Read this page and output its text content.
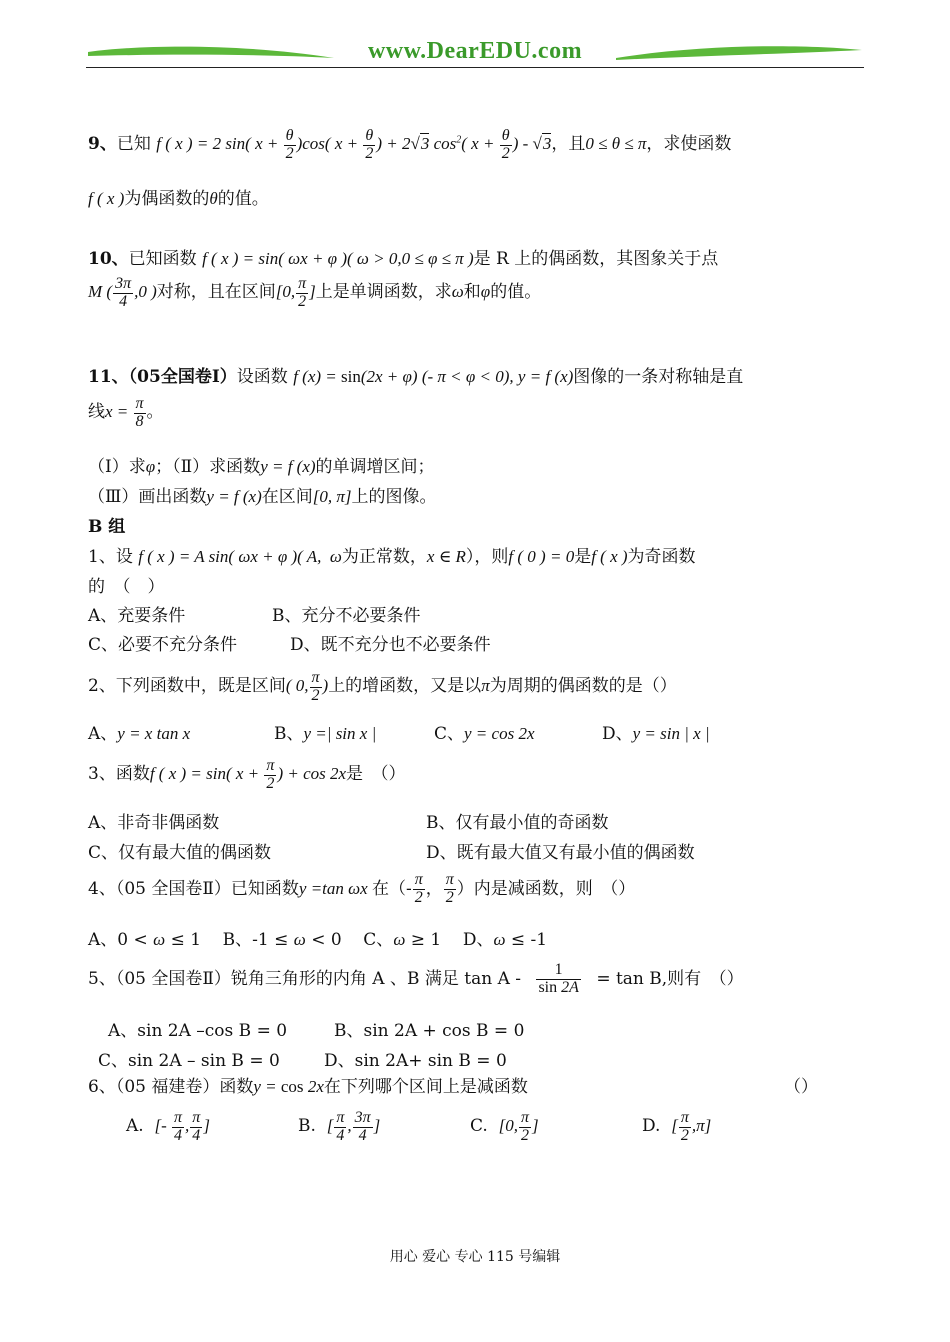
www.DearEDU.com
9、已知 f ( x ) = 2 sin( $x + \frac{\theta}{2} )\cos$( $x + \frac{\theta}{2}$ ) + 2√3 $\cos^2$( $x + \frac{\theta}{2}$ ) - √3，且0 ≤ θ ≤ π，求使函数
f ( x )为偶函数的θ的值。
10、已知函数 f ( x ) = sin( ωx + φ )( ω > 0,0 ≤ φ ≤ π )是 R 上的偶函数，其图象关于点
M ( $\frac{3\pi}{4} ,0$ )对称，且在区间[0, $\frac{\pi}{2}$ ]上是单调函数，求ω和φ的值。
11、（05全国卷Ⅰ）设函数 f (x) = sin(2x + φ) (- π < φ < 0), y = f (x)图像的一条对称轴是直
线$x = \frac{\pi}{8}$ 。
（Ⅰ）求φ；（Ⅱ）求函数y = f (x)的单调增区间；
（Ⅲ）画出函数y = f (x)在区间[0, π]上的图像。
B 组
1、设 f ( x ) = A sin( ωx + φ )( A,  ω为正常数，x ∈ R），则f ( 0 ) = 0是f ( x )为奇函数
的　（　）
A、充要条件	B、充分不必要条件
C、必要不充分条件	D、既不充分也不必要条件
2、下列函数中，既是区间( 0, $\frac{\pi}{2}$ )上的增函数，又是以π为周期的偶函数的是（）
A、y = x tan x	B、y =| sin x |	C、y = cos 2x	D、y = sin | x |
3、函数f ( x ) = sin( $x + \frac{\pi}{2}$ ) + cos 2x是　（）
A、非奇非偶函数	B、仅有最小值的奇函数
C、仅有最大值的偶函数	D、既有最大值又有最小值的偶函数
4、（05 全国卷Ⅱ）已知函数y =tan ωx 在（- $\frac{\pi}{2}$ ， $\frac{\pi}{2}$ ）内是减函数，则　（）
A、0 < ω ≤ 1 B、-1 ≤ ω < 0 C、ω ≥ 1 D、ω ≤ -1
5、（05 全国卷Ⅱ）锐角三角形的内角 A 、B 满足 $\tan A - \frac{1}{\sin 2A} = \tan B$,则有　（）
A、sin 2A –cos B = 0	B、sin 2A + cos B = 0
C、sin 2A – sin B = 0	D、sin 2A+ sin B = 0
6、（05 福建卷）函数y = cos 2x在下列哪个区间上是减函数	（）
A. [- $\frac{\pi}{4}$ , $\frac{\pi}{4}$ ]	B. [ $\frac{\pi}{4}$ , $\frac{3\pi}{4}$ ]	C. [0, $\frac{\pi}{2}$ ]	D. [ $\frac{\pi}{2} ,\pi$]
用心 爱心 专心 115 号编辑
